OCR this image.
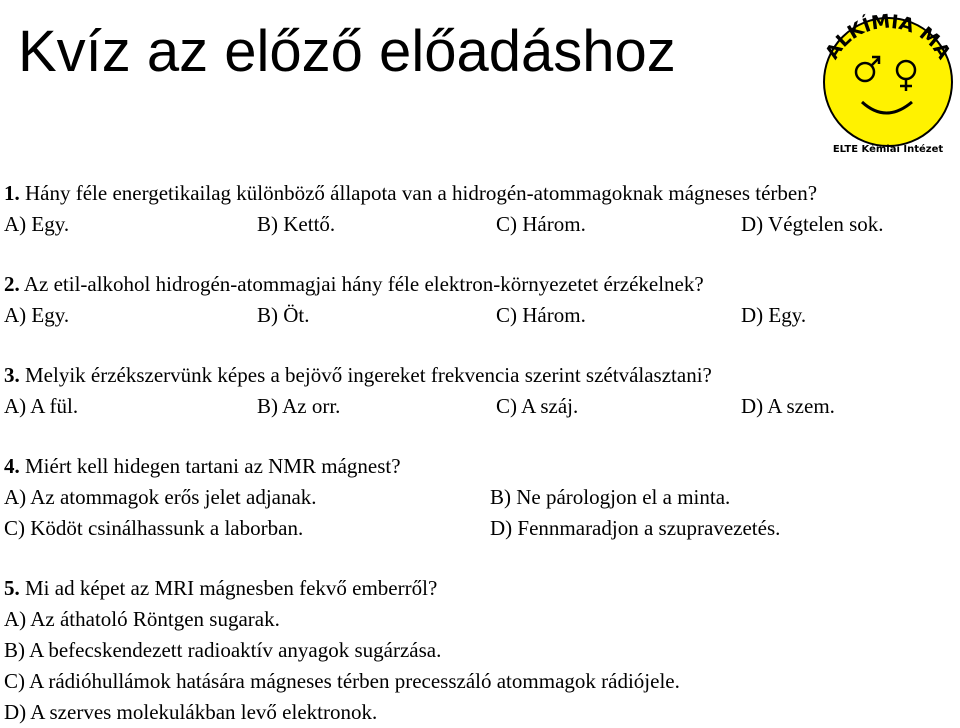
Kvíz az előző előadáshoz	ALKÍMIA MA
ELTE Kémiai Intézet
1. Hány féle energetikailag különböző állapota van a hidrogén-atommagoknak mágneses térben?
A) Egy.	B) Kettő.	C) Három.	D) Végtelen sok.
2. Az etil-alkohol hidrogén-atommagjai hány féle elektron-környezetet érzékelnek?
A) Egy.	B) Öt.	C) Három.	D) Egy.
3. Melyik érzékszervünk képes a bejövő ingereket frekvencia szerint szétválasztani?
A) A fül.	B) Az orr.	C) A száj.	D) A szem.
4. Miért kell hidegen tartani az NMR mágnest?
A) Az atommagok erős jelet adjanak.	B) Ne párologjon el a minta.
C) Ködöt csinálhassunk a laborban.	D) Fennmaradjon a szupravezetés.
5. Mi ad képet az MRI mágnesben fekvő emberről?
A) Az áthatoló Röntgen sugarak.
B) A befecskendezett radioaktív anyagok sugárzása.
C) A rádióhullámok hatására mágneses térben precesszáló atommagok rádiójele.
D) A szerves molekulákban levő elektronok.
